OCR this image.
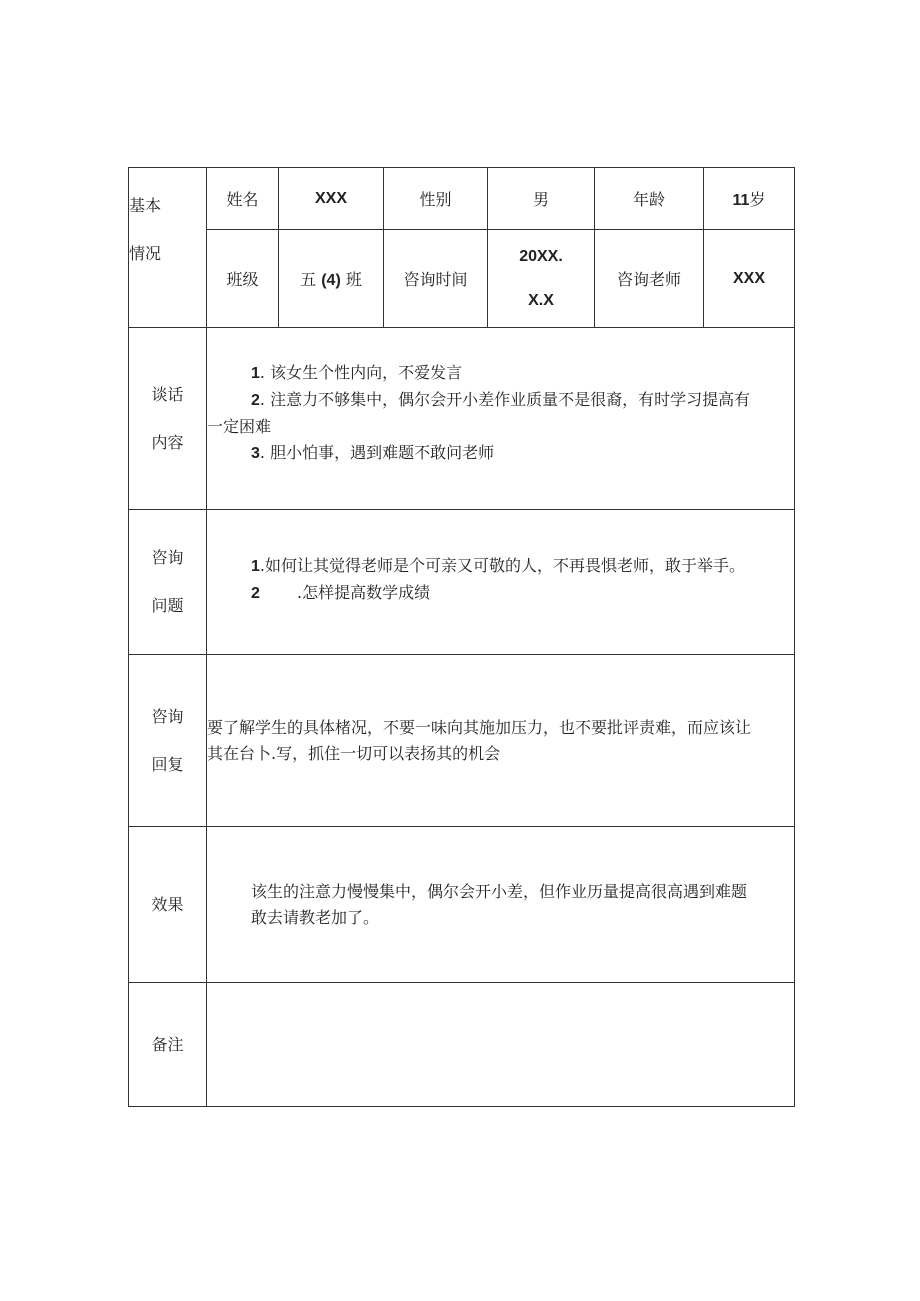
基本
情况	姓名	XXX	性别	男	年龄	11岁
	班级	五 (4) 班	咨询时间	20XX.
X.X	咨询老师	XXX

谈话
内容	1. 该女生个性内向，不爱发言
2. 注意力不够集中，偶尔会开小差作业质量不是很裔，有时学习提高有
一定困难
3. 胆小怕事，遇到难题不敢问老师					

咨询
问题	1.如何让其觉得老师是个可亲又可敬的人，不再畏惧老师，敢于举手。
2 .怎样提高数学成绩					

咨询
回复	要了解学生的具体楮况，不要一味向其施加压力，也不要批评责难，而应该让
其在台卜.写，抓住一切可以表扬其的机会					

效果	该生的注意力慢慢集中，偶尔会开小差，但作业历量提高很高遇到难题
敢去请教老加了。					

备注						
